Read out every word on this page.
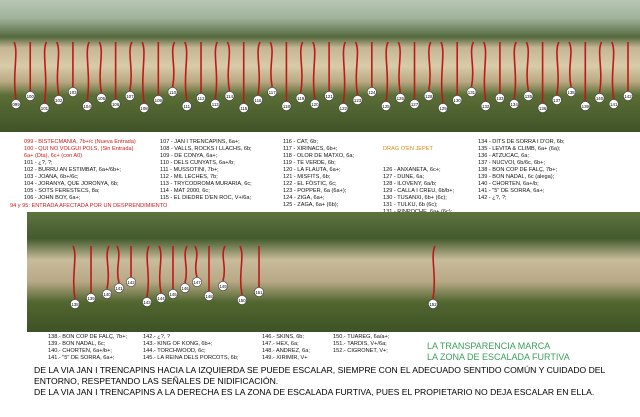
099
100
101
102
103
104
105
106
107
108
109
110
111
112
113
114
115
116
117
118
119
120
121
122
123
124
125
126
127
128
129
130
131
132
133
134
135
136
137
138
139
140
141
142
099 - BISTECMANIA, 7b+/c (Nueva Entrada)
100 - QUI NO VOLGUI POLS, (Sin Entrada)
6a+ (Dta), 6c+ (con A0)
101 - ¿?, ?;
102 - BURRU AN ESTIMBAT, 6a+/6b+;
103 - JOANA, 6b+/6c;
104 - JORANYA, QUE JORONYA, 6b;
105 - SOTS FERESTECS, 8a;
106 - JOHN BOY, 6a+;
94 y 95: ENTRADA AFECTADA POR UN DESPRENDIMIENTO
107 - JAN I TRENCAPINS, 6a+;
108 - VALLS, ROCKS I LLACHS, 6b;
109 - DE CONYA, 6a+;
110 - DELS CUNYATS, 6a+/b;
111 - MUSSOTINI, 7b+;
112 - MIL LECHES, 7b;
113 - TRYCODROMA MURARIA, 6c;
114 - MAT 2000, 6c;
115 - EL DIEDRE D'EN ROC, V+/6a;
116 - CAT, 6b;
117 - XIRINACS, 6b+;
118 - OLOR DE MATXO, 6a;
119 - TE VERDE, 6b;
120 - LA FLAUTA, 6a+;
121 - MISFITS, 6b;
122 - EL FÒSTIC, 6c;
123 - POPPER, 6a (6a+);
124 - ZIGA, 6a+;
125 - ZAGA, 6a+ (6b);

DRAG O'EN JEPET

126 - ANXANETA, 6c+;
127 - DUNE, 6a;
128 - ILOVENY, 6a/b;
129 - CALLA I CREU, 6b/b+;
130 - TUSANXI, 6b+ (6c);
131 - TULKU, 6b (6c);

134 - DITS DE SORRA I D'OR, 6b;
135 - LEVITA & CLIMB, 6a+ (6a);
136 - ATZUCAC, 6a;
137 - NUCVOI, 6b/6c, 6b+;
138 - BON COP DE FALÇ, 7b+;
139 - BON NADAL, 6c (alega);
140 - CHORTEN, 6a+/b;
141 - "5" DE SORRA, 6a+;
142 - ¿?, ?;
138
139
140
141
142
143
144
145
146
147
148
149
150
151
152
138.- BON COP DE FALÇ, 7b+;
139.- BON NADAL, 6c;
140.- CHORTEN, 6a+/b+;
141.- "5" DE SORRA, 6a+;
142.- ¿?, ?
143.- KING OF KONG, 6b+;
144.- TORCHWOOD, 6c;
145.- LA REINA DELS PORCOTS, 6b;
146.- SKINS, 6b;
147.- HEX, 6a;
148.- ANDREZ, 6a;
149.- XIRIMIR, V+
150.- TUAREG, 6a/a+;
151.- TARDIS, V+/6a;
152.- CIGRONET, V+;	LA TRANSPARENCIA MARCA
LA ZONA DE ESCALADA FURTIVA
DE LA VIA JAN I TRENCAPINS HACIA LA IZQUIERDA SE PUEDE ESCALAR, SIEMPRE CON EL ADECUADO SENTIDO COMÚN Y CUIDADO DEL ENTORNO, RESPETANDO LAS SEÑALES DE NIDIFICACIÓN.
DE LA VIA JAN I TRENCAPINS A LA DERECHA ES LA ZONA DE ESCALADA FURTIVA, PUES EL PROPIETARIO NO DEJA ESCALAR EN ELLA.
